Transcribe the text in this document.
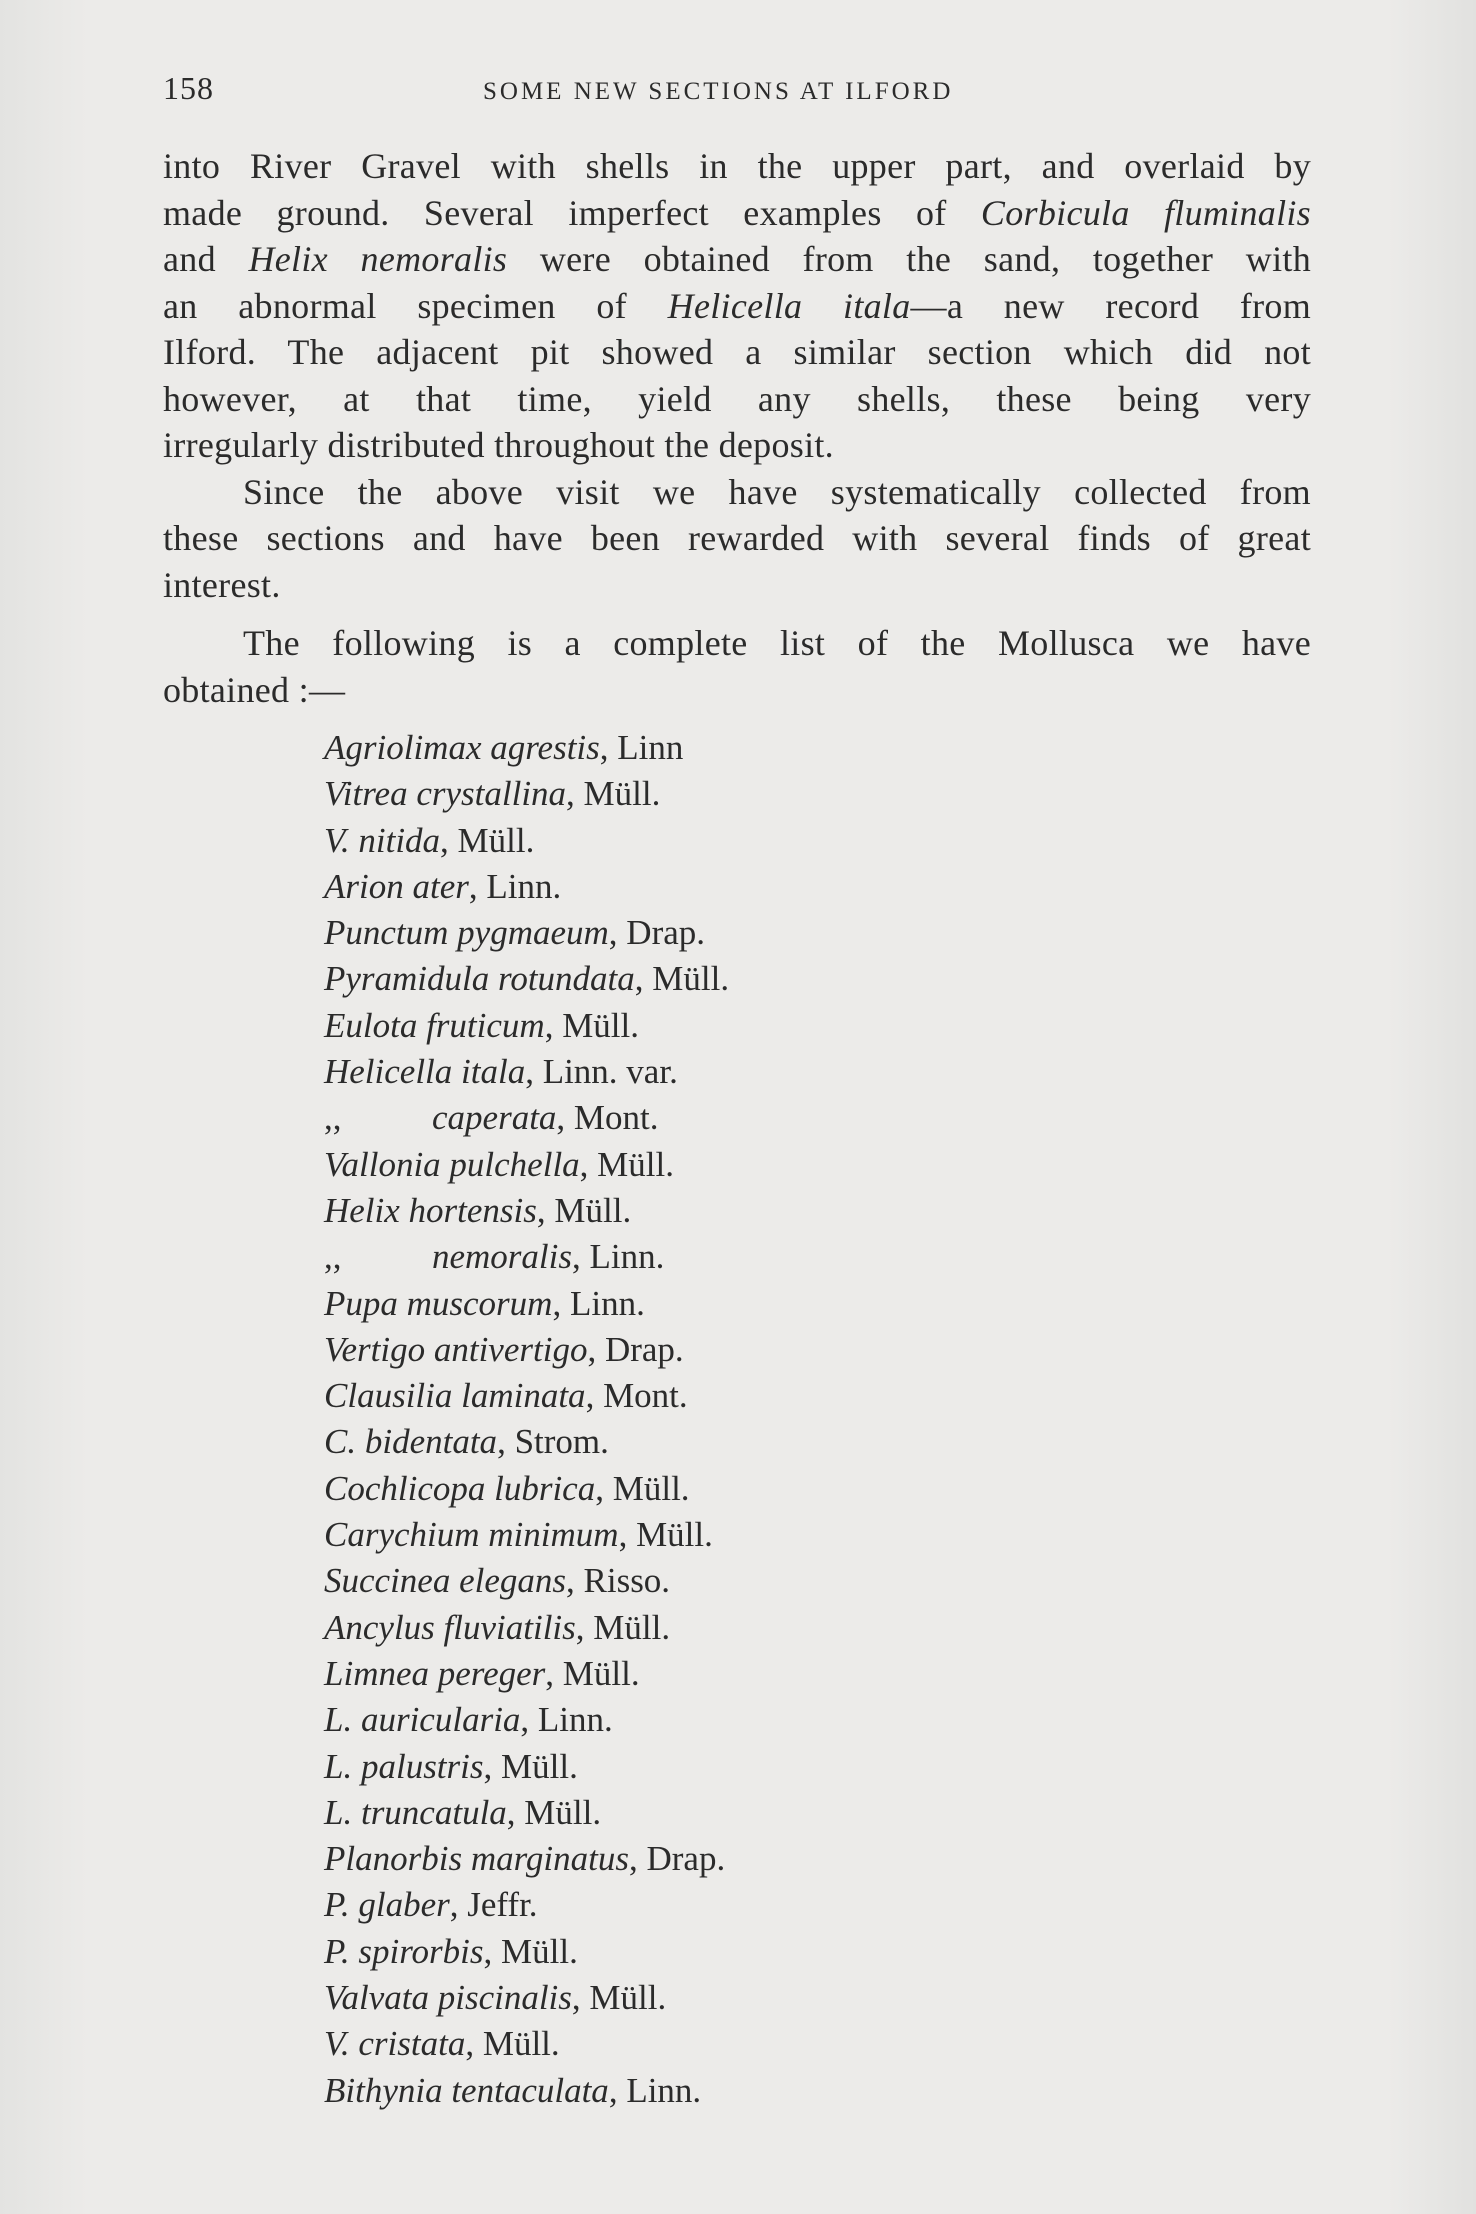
158	SOME NEW SECTIONS AT ILFORD
into River Gravel with shells in the upper part, and overlaid by
made ground. Several imperfect examples of Corbicula fluminalis
and Helix nemoralis were obtained from the sand, together with
an abnormal specimen of Helicella itala—a new record from
Ilford. The adjacent pit showed a similar section which did not
however, at that time, yield any shells, these being very
irregularly distributed throughout the deposit.
Since the above visit we have systematically collected from
these sections and have been rewarded with several finds of great
interest.
The following is a complete list of the Mollusca we have
obtained :—
Agriolimax agrestis, Linn
Vitrea crystallina, Müll.
V. nitida, Müll.
Arion ater, Linn.
Punctum pygmaeum, Drap.
Pyramidula rotundata, Müll.
Eulota fruticum, Müll.
Helicella itala, Linn. var.
,,	caperata, Mont.
Vallonia pulchella, Müll.
Helix hortensis, Müll.
,,	nemoralis, Linn.
Pupa muscorum, Linn.
Vertigo antivertigo, Drap.
Clausilia laminata, Mont.
C. bidentata, Strom.
Cochlicopa lubrica, Müll.
Carychium minimum, Müll.
Succinea elegans, Risso.
Ancylus fluviatilis, Müll.
Limnea pereger, Müll.
L. auricularia, Linn.
L. palustris, Müll.
L. truncatula, Müll.
Planorbis marginatus, Drap.
P. glaber, Jeffr.
P. spirorbis, Müll.
Valvata piscinalis, Müll.
V. cristata, Müll.
Bithynia tentaculata, Linn.
